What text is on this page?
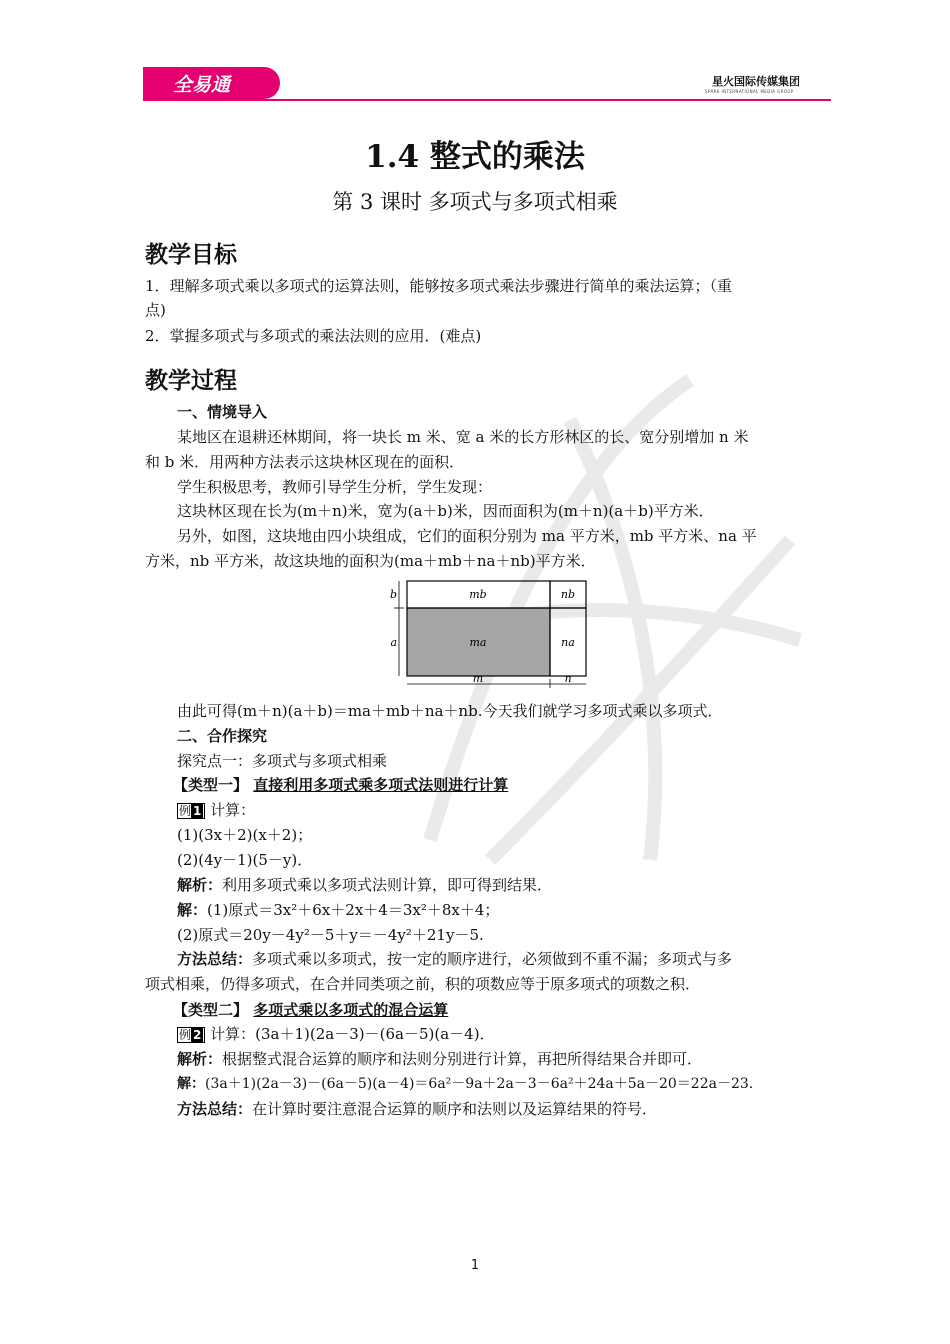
全易通	星火国际传媒集团
SPARK INTERNATIONAL MEDIA GROUP
1.4 整式的乘法
第 3 课时 多项式与多项式相乘
教学目标
1．理解多项式乘以多项式的运算法则，能够按多项式乘法步骤进行简单的乘法运算；（重
点)
2．掌握多项式与多项式的乘法法则的应用．(难点)
教学过程
一、情境导入
某地区在退耕还林期间，将一块长 m 米、宽 a 米的长方形林区的长、宽分别增加 n 米
和 b 米．用两种方法表示这块林区现在的面积．
学生积极思考，教师引导学生分析，学生发现：
这块林区现在长为(m＋n)米，宽为(a＋b)米，因而面积为(m＋n)(a＋b)平方米．
另外，如图，这块地由四小块组成，它们的面积分别为 ma 平方米，mb 平方米、na 平
方米，nb 平方米，故这块地的面积为(ma＋mb＋na＋nb)平方米．
mb	nb
ma	na
b
a
m	n
由此可得(m＋n)(a＋b)＝ma＋mb＋na＋nb.今天我们就学习多项式乘以多项式．
二、合作探究
探究点一：多项式与多项式相乘
【类型一】 直接利用多项式乘多项式法则进行计算
例 1 计算：
(1)(3x＋2)(x＋2)；
(2)(4y－1)(5－y)．
解析：利用多项式乘以多项式法则计算，即可得到结果．
解：(1)原式＝3x²＋6x＋2x＋4＝3x²＋8x＋4；
(2)原式＝20y－4y²－5＋y＝－4y²＋21y－5.
方法总结：多项式乘以多项式，按一定的顺序进行，必须做到不重不漏；多项式与多
项式相乘，仍得多项式，在合并同类项之前，积的项数应等于原多项式的项数之积．
【类型二】 多项式乘以多项式的混合运算
例 2 计算：(3a＋1)(2a－3)－(6a－5)(a－4)．
解析：根据整式混合运算的顺序和法则分别进行计算，再把所得结果合并即可．
解：(3a＋1)(2a－3)－(6a－5)(a－4)＝6a²－9a＋2a－3－6a²＋24a＋5a－20＝22a－23.
方法总结：在计算时要注意混合运算的顺序和法则以及运算结果的符号．
1
